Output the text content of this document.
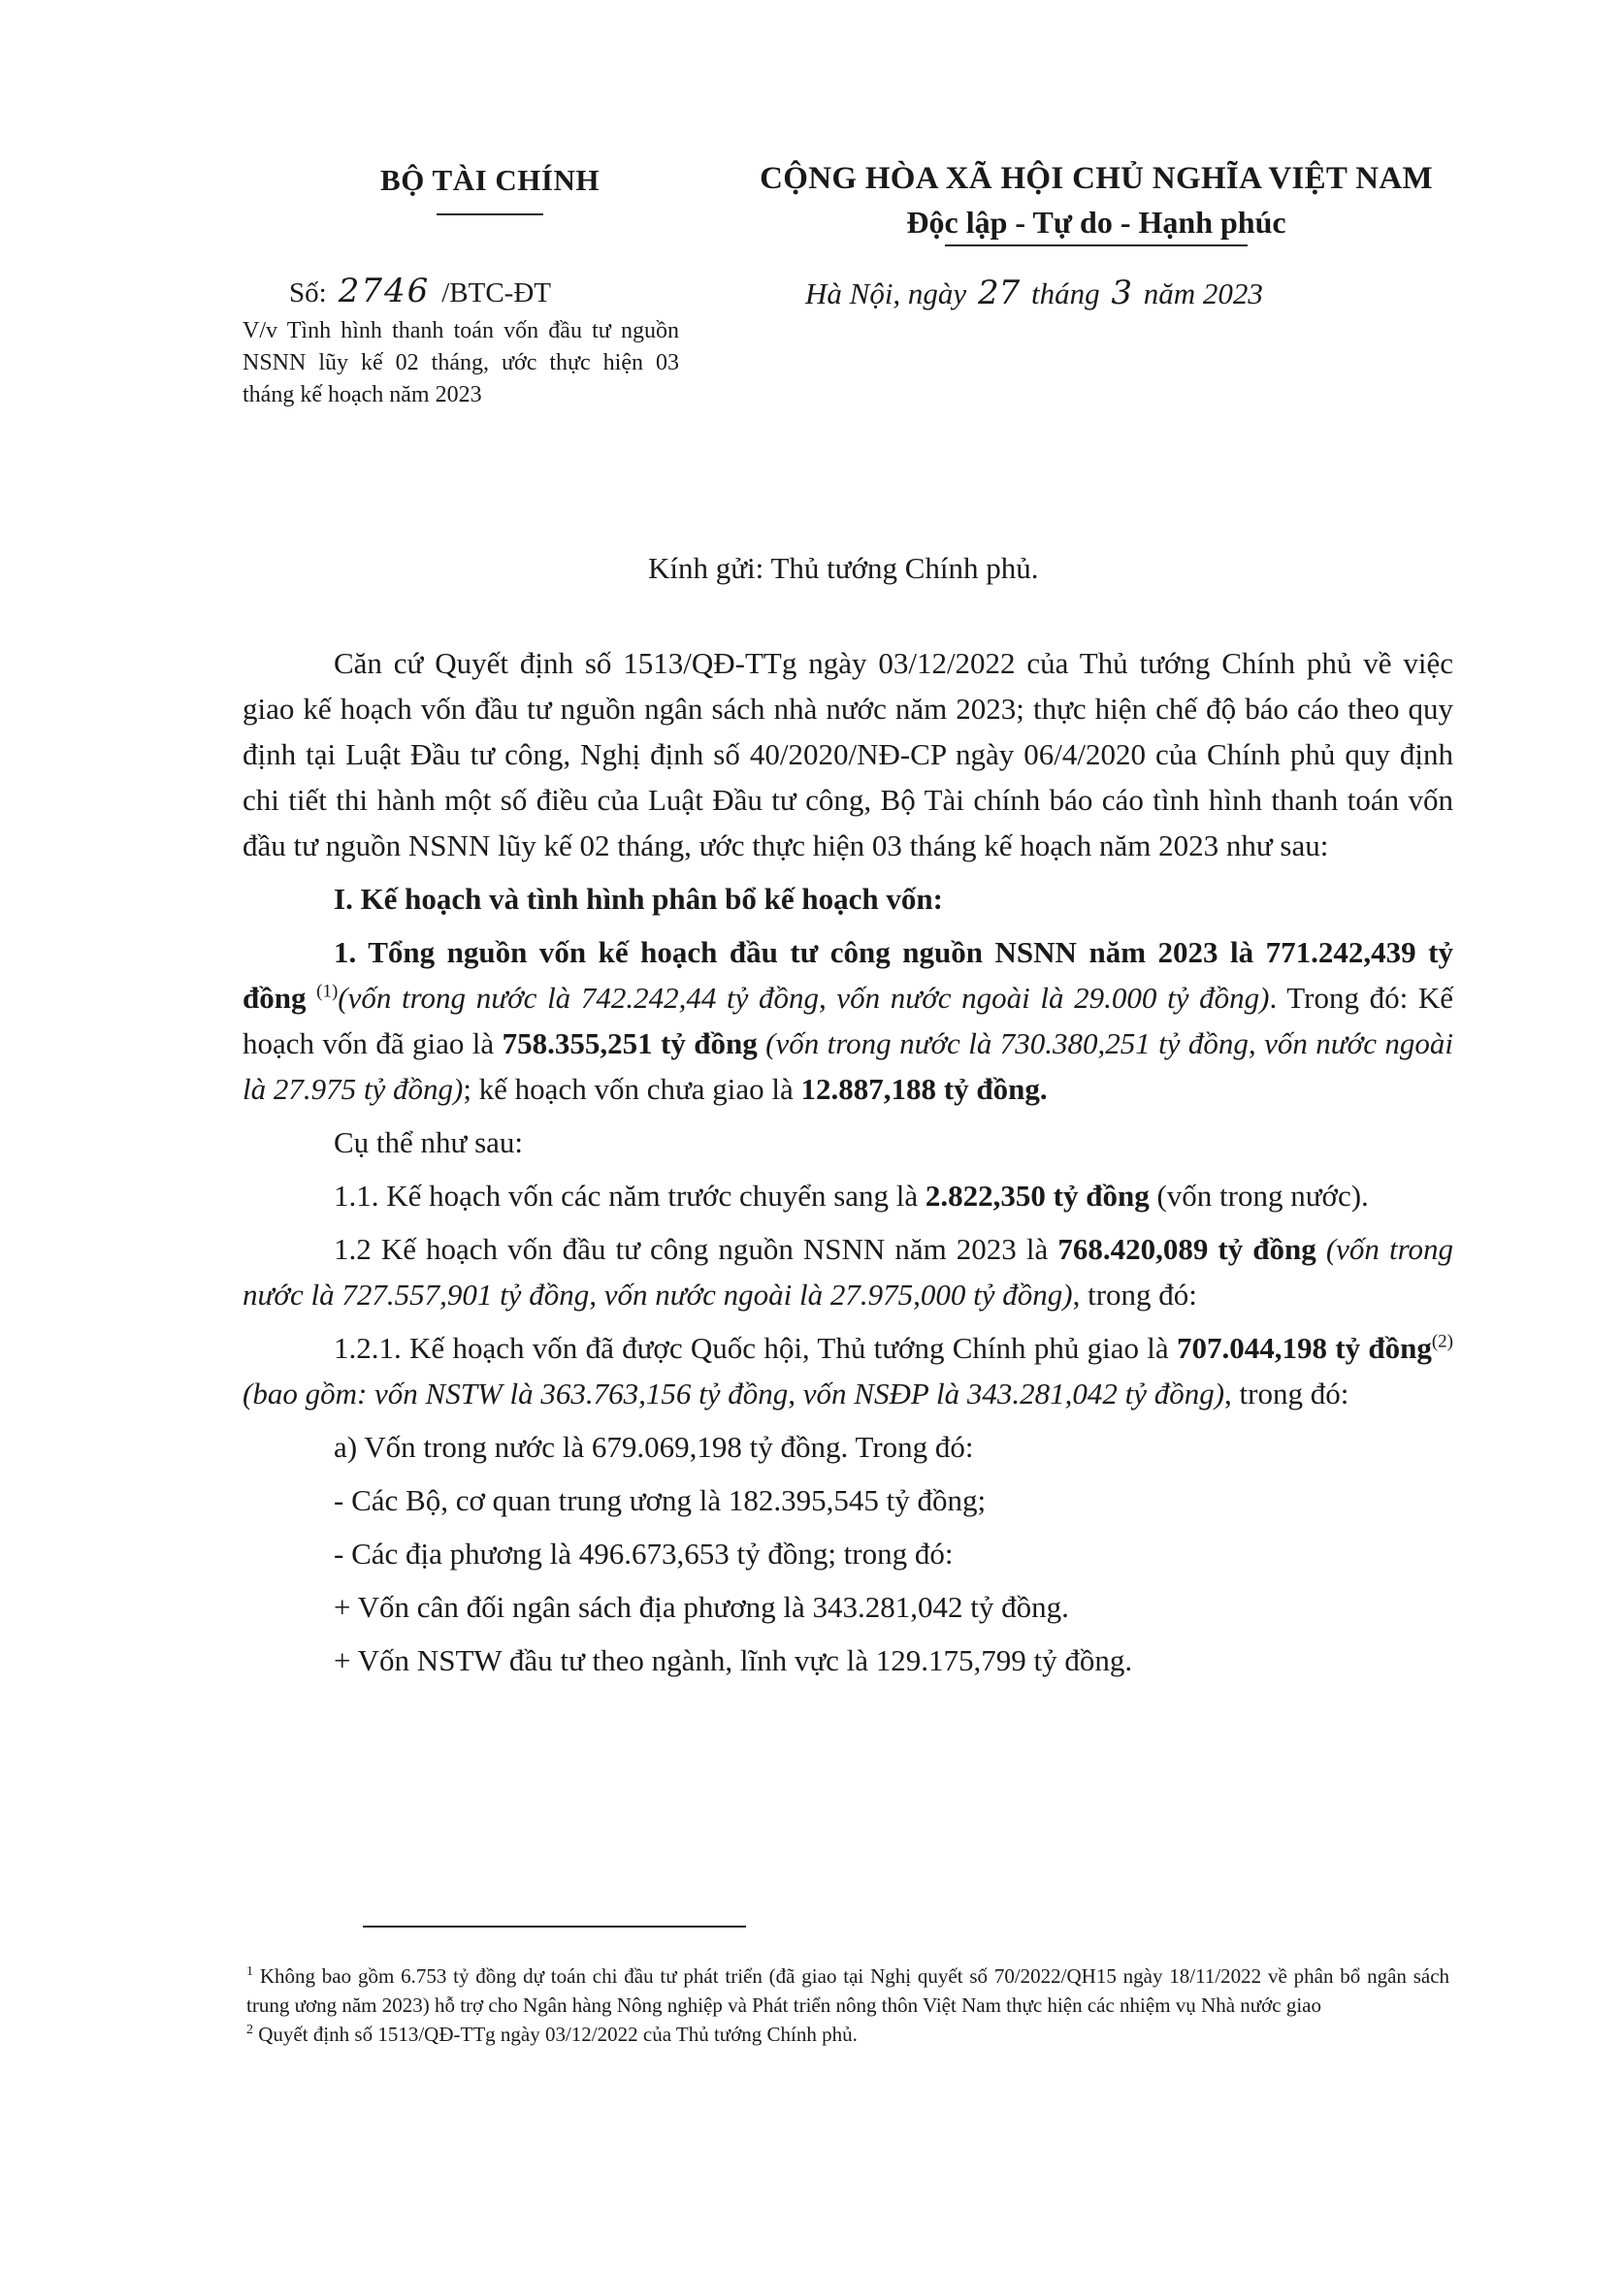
BỘ TÀI CHÍNH	CỘNG HÒA XÃ HỘI CHỦ NGHĨA VIỆT NAM
Độc lập - Tự do - Hạnh phúc
Số: 2746 /BTC-ĐT
V/v Tình hình thanh toán vốn đầu tư nguồn NSNN lũy kế 02 tháng, ước thực hiện 03 tháng kế hoạch năm 2023
Hà Nội, ngày 27 tháng 3 năm 2023
Kính gửi: Thủ tướng Chính phủ.

Căn cứ Quyết định số 1513/QĐ-TTg ngày 03/12/2022 của Thủ tướng Chính phủ về việc giao kế hoạch vốn đầu tư nguồn ngân sách nhà nước năm 2023; thực hiện chế độ báo cáo theo quy định tại Luật Đầu tư công, Nghị định số 40/2020/NĐ-CP ngày 06/4/2020 của Chính phủ quy định chi tiết thi hành một số điều của Luật Đầu tư công, Bộ Tài chính báo cáo tình hình thanh toán vốn đầu tư nguồn NSNN lũy kế 02 tháng, ước thực hiện 03 tháng kế hoạch năm 2023 như sau:

I. Kế hoạch và tình hình phân bổ kế hoạch vốn:

1. Tổng nguồn vốn kế hoạch đầu tư công nguồn NSNN năm 2023 là 771.242,439 tỷ đồng $^{(1)}$(vốn trong nước là 742.242,44 tỷ đồng, vốn nước ngoài là 29.000 tỷ đồng). Trong đó: Kế hoạch vốn đã giao là 758.355,251 tỷ đồng (vốn trong nước là 730.380,251 tỷ đồng, vốn nước ngoài là 27.975 tỷ đồng); kế hoạch vốn chưa giao là 12.887,188 tỷ đồng.

Cụ thể như sau:

1.1. Kế hoạch vốn các năm trước chuyển sang là 2.822,350 tỷ đồng (vốn trong nước).

1.2 Kế hoạch vốn đầu tư công nguồn NSNN năm 2023 là 768.420,089 tỷ đồng (vốn trong nước là 727.557,901 tỷ đồng, vốn nước ngoài là 27.975,000 tỷ đồng), trong đó:

1.2.1. Kế hoạch vốn đã được Quốc hội, Thủ tướng Chính phủ giao là 707.044,198 tỷ đồng$^{(2)}$(bao gồm: vốn NSTW là 363.763,156 tỷ đồng, vốn NSĐP là 343.281,042 tỷ đồng), trong đó:

a) Vốn trong nước là 679.069,198 tỷ đồng. Trong đó:

- Các Bộ, cơ quan trung ương là 182.395,545 tỷ đồng;

- Các địa phương là 496.673,653 tỷ đồng; trong đó:

+ Vốn cân đối ngân sách địa phương là 343.281,042 tỷ đồng.

+ Vốn NSTW đầu tư theo ngành, lĩnh vực là 129.175,799 tỷ đồng.

$^1$ Không bao gồm 6.753 tỷ đồng dự toán chi đầu tư phát triển (đã giao tại Nghị quyết số 70/2022/QH15 ngày 18/11/2022 về phân bổ ngân sách trung ương năm 2023) hỗ trợ cho Ngân hàng Nông nghiệp và Phát triển nông thôn Việt Nam thực hiện các nhiệm vụ Nhà nước giao

$^2$ Quyết định số 1513/QĐ-TTg ngày 03/12/2022 của Thủ tướng Chính phủ.
